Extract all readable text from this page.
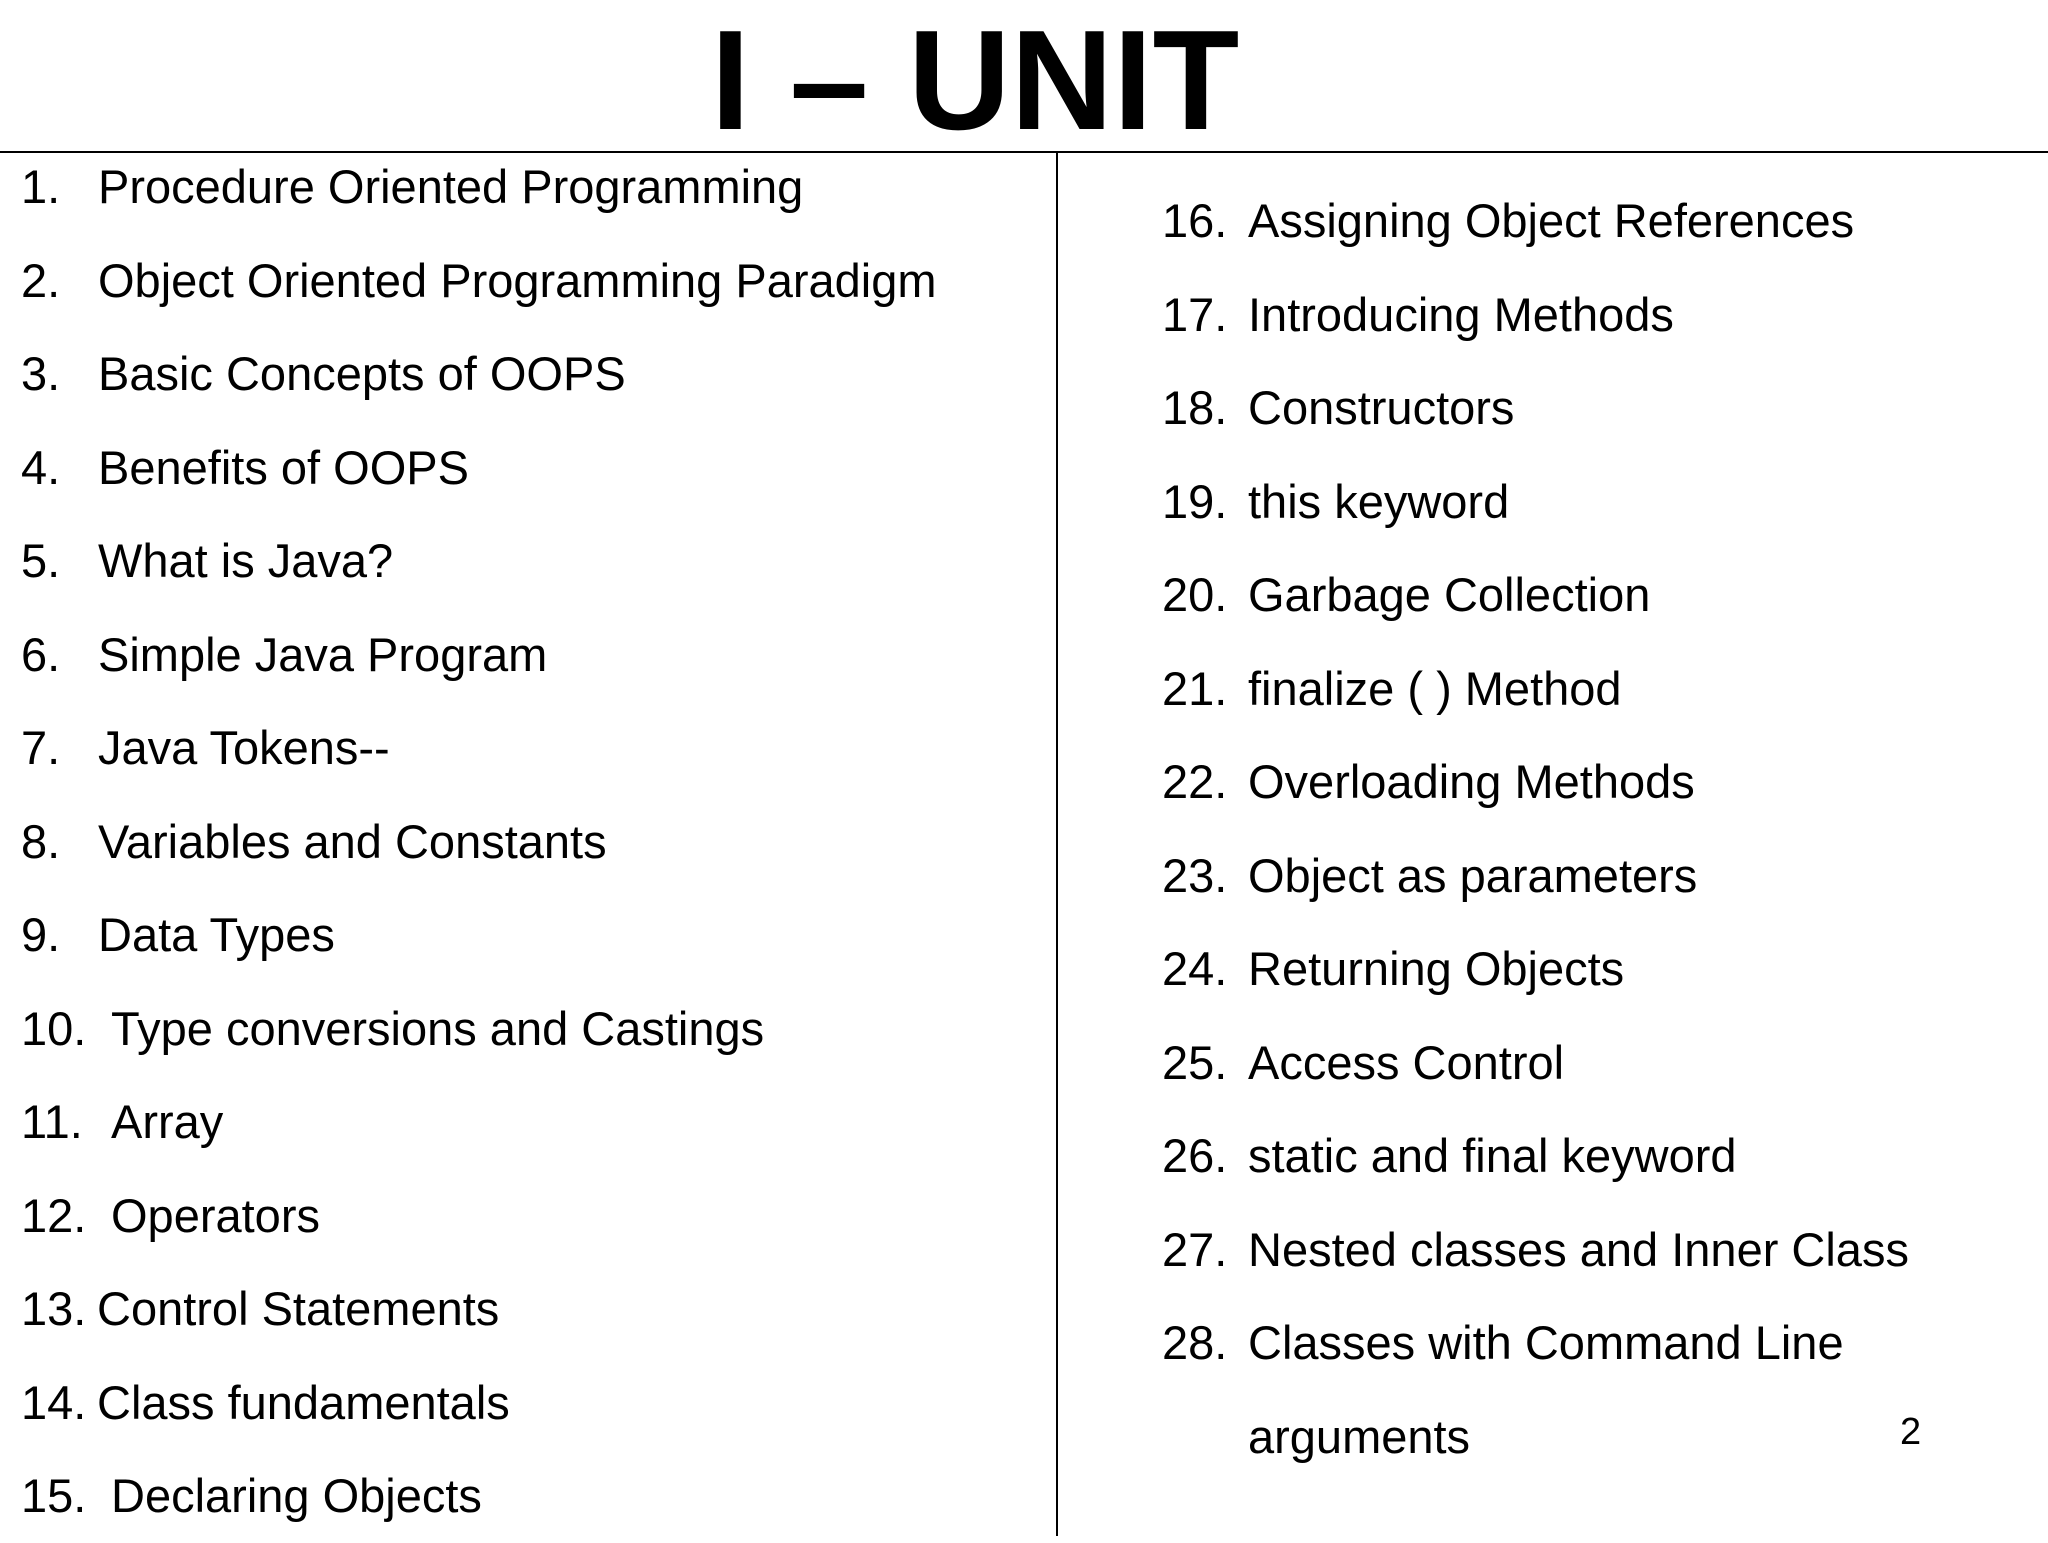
I – UNIT
1. Procedure Oriented Programming
2. Object Oriented Programming Paradigm
3. Basic Concepts of OOPS
4. Benefits of OOPS
5. What is Java?
6. Simple Java Program
7. Java Tokens--
8. Variables and Constants
9. Data Types
10. Type conversions and Castings
11. Array
12. Operators
13. Control Statements
14. Class fundamentals
15. Declaring Objects
16. Assigning Object References
17. Introducing Methods
18. Constructors
19. this keyword
20. Garbage Collection
21. finalize ( ) Method
22. Overloading Methods
23. Object as parameters
24. Returning Objects
25. Access Control
26. static and final keyword
27. Nested classes and Inner Class
28. Classes with Command Line
arguments	2
